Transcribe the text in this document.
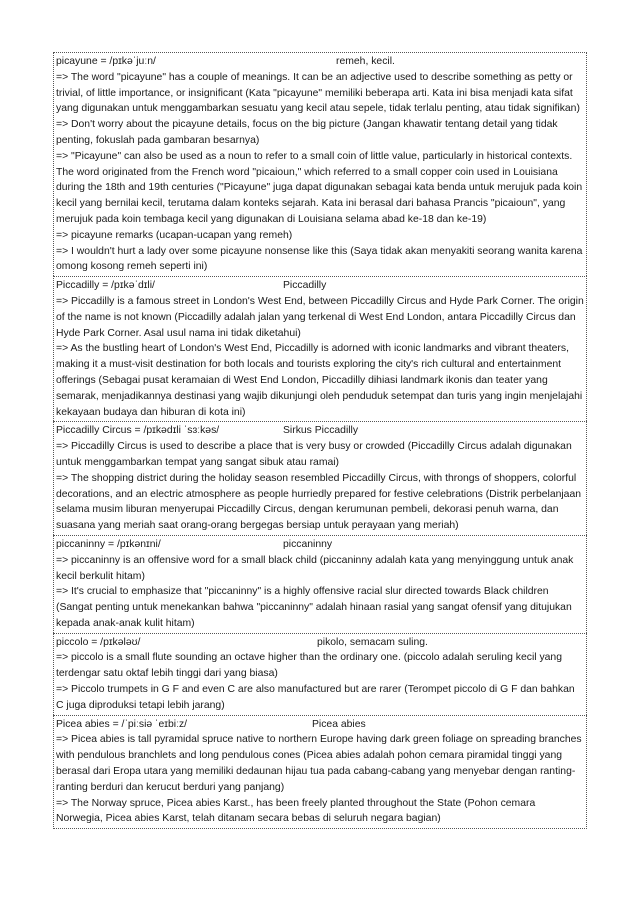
picayune = /pɪkəˈjuːn/	remeh, kecil.

=> The word "picayune" has a couple of meanings. It can be an adjective used to describe something as petty or trivial, of little importance, or insignificant (Kata "picayune" memiliki beberapa arti. Kata ini bisa menjadi kata sifat yang digunakan untuk menggambarkan sesuatu yang kecil atau sepele, tidak terlalu penting, atau tidak signifikan)

=> Don't worry about the picayune details, focus on the big picture (Jangan khawatir tentang detail yang tidak penting, fokuslah pada gambaran besarnya)

=> "Picayune" can also be used as a noun to refer to a small coin of little value, particularly in historical contexts. The word originated from the French word "picaioun," which referred to a small copper coin used in Louisiana during the 18th and 19th centuries ("Picayune" juga dapat digunakan sebagai kata benda untuk merujuk pada koin kecil yang bernilai kecil, terutama dalam konteks sejarah. Kata ini berasal dari bahasa Prancis "picaioun", yang merujuk pada koin tembaga kecil yang digunakan di Louisiana selama abad ke-18 dan ke-19)

=> picayune remarks (ucapan-ucapan yang remeh)

=> I wouldn't hurt a lady over some picayune nonsense like this (Saya tidak akan menyakiti seorang wanita karena omong kosong remeh seperti ini)

Piccadilly = /pɪkəˈdɪli/	Piccadilly

=> Piccadilly is a famous street in London's West End, between Piccadilly Circus and Hyde Park Corner. The origin of the name is not known (Piccadilly adalah jalan yang terkenal di West End London, antara Piccadilly Circus dan Hyde Park Corner. Asal usul nama ini tidak diketahui)

=> As the bustling heart of London's West End, Piccadilly is adorned with iconic landmarks and vibrant theaters, making it a must-visit destination for both locals and tourists exploring the city's rich cultural and entertainment offerings (Sebagai pusat keramaian di West End London, Piccadilly dihiasi landmark ikonis dan teater yang semarak, menjadikannya destinasi yang wajib dikunjungi oleh penduduk setempat dan turis yang ingin menjelajahi kekayaan budaya dan hiburan di kota ini)

Piccadilly Circus = /pɪkədɪli ˈsɜːkəs/	Sirkus Piccadilly

=> Piccadilly Circus is used to describe a place that is very busy or crowded (Piccadilly Circus adalah digunakan untuk menggambarkan tempat yang sangat sibuk atau ramai)

=> The shopping district during the holiday season resembled Piccadilly Circus, with throngs of shoppers, colorful decorations, and an electric atmosphere as people hurriedly prepared for festive celebrations (Distrik perbelanjaan selama musim liburan menyerupai Piccadilly Circus, dengan kerumunan pembeli, dekorasi penuh warna, dan suasana yang meriah saat orang-orang bergegas bersiap untuk perayaan yang meriah)

piccaninny = /pɪkənɪni/	piccaninny

=> piccaninny is an offensive word for a small black child (piccaninny adalah kata yang menyinggung untuk anak kecil berkulit hitam)

=> It's crucial to emphasize that "piccaninny" is a highly offensive racial slur directed towards Black children (Sangat penting untuk menekankan bahwa "piccaninny" adalah hinaan rasial yang sangat ofensif yang ditujukan kepada anak-anak kulit hitam)

piccolo = /pɪkələʊ/	pikolo, semacam suling.

=> piccolo is a small flute sounding an octave higher than the ordinary one. (piccolo adalah seruling kecil yang terdengar satu oktaf lebih tinggi dari yang biasa)

=> Piccolo trumpets in G F and even C are also manufactured but are rarer (Terompet piccolo di G F dan bahkan C juga diproduksi tetapi lebih jarang)

Picea abies = /ˈpiːsiə ˈeɪbiːz/	Picea abies

=> Picea abies is tall pyramidal spruce native to northern Europe having dark green foliage on spreading branches with pendulous branchlets and long pendulous cones (Picea abies adalah pohon cemara piramidal tinggi yang berasal dari Eropa utara yang memiliki dedaunan hijau tua pada cabang-cabang yang menyebar dengan ranting-ranting berduri dan kerucut berduri yang panjang)

=> The Norway spruce, Picea abies Karst., has been freely planted throughout the State (Pohon cemara Norwegia, Picea abies Karst, telah ditanam secara bebas di seluruh negara bagian)
